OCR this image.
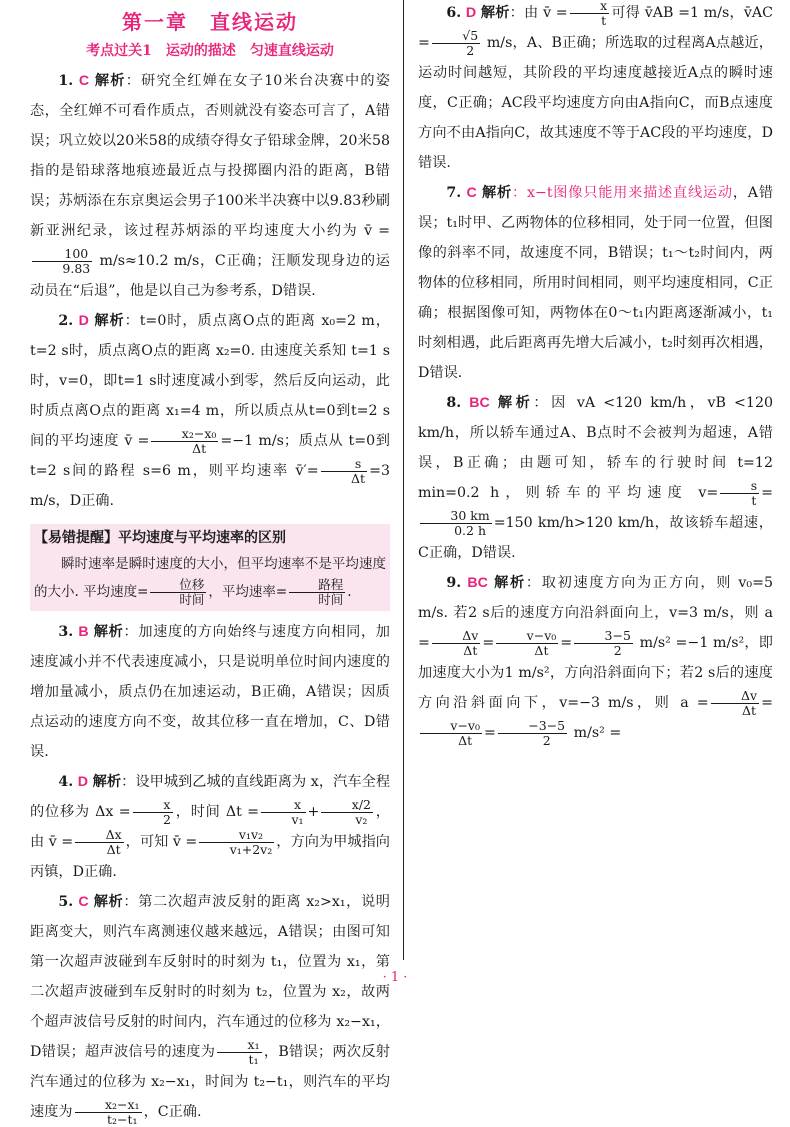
第一章　直线运动
考点过关1　运动的描述　匀速直线运动

1. C 解析：研究全红婵在女子10米台决赛中的姿态，全红婵不可看作质点，否则就没有姿态可言了，A错误；巩立姣以20米58的成绩夺得女子铅球金牌，20米58指的是铅球落地痕迹最近点与投掷圈内沿的距离，B错误；苏炳添在东京奥运会男子100米半决赛中以9.83秒刷新亚洲纪录，该过程苏炳添的平均速度大小约为 v̄ =
$\frac{100}{9.83} m/s\approx 10.2$ m/s，C正确；汪顺发现身边的运动员在“后退”，他是以自己为参考系，D错误.

2. D 解析：t=0时，质点离O点的距离 x₀=2 m，t=2 s时，质点离O点的距离 x₂=0. 由速度关系知 t=1 s时，v=0，即t=1 s时速度减小到零，然后反向运动，此时质点离O点的距离 x₁=4 m，所以质点从t=0到t=2 s间的平均速度 v̄ = $\frac{\text{x₂−x₀}}{\Delta t} =-1$ m/s；质点从 t=0到t=2 s间的路程 s=6 m，则平均速率 v̄′= $\frac{s}{\Delta t} =3$ m/s，D正确.

【易错提醒】平均速度与平均速率的区别

瞬时速率是瞬时速度的大小，但平均速率不是平均速度的大小. 平均速度= $\frac{\text{位移}}{\text{时间}}$ ，平均速率= $\frac{\text{路程}}{\text{时间}}$ .

3. B 解析：加速度的方向始终与速度方向相同，加速度减小并不代表速度减小，只是说明单位时间内速度的增加量减小，质点仍在加速运动，B正确，A错误；因质点运动的速度方向不变，故其位移一直在增加，C、D错误.

4. D 解析：设甲城到乙城的直线距离为 x，汽车全程的位移为 $\Delta x = \frac{x}{2}$ ，时间 $\Delta t = \frac{x}{\text{v₁}} + \frac{x/2}{\text{v₂}}$ ，由 v̄ = $\frac{\Delta x}{\Delta t}$ ，可知 v̄ = $\frac{\text{v₁v₂}}{\text{v₁+2v₂}}$ ，方向为甲城指向丙镇，D正确.

5. C 解析：第二次超声波反射的距离 x₂>x₁，说明距离变大，则汽车离测速仪越来越远，A错误；由图可知第一次超声波碰到车反射时的时刻为 t₁，位置为 x₁，第二次超声波碰到车反射时的时刻为 t₂，位置为 x₂，故两个超声波信号反射的时间内，汽车通过的位移为 x₂−x₁，D错误；超声波信号的速度为 $\frac{\text{x₁}}{\text{t₁}}$ ，B错误；两次反射汽车通过的位移为 x₂−x₁，时间为 t₂−t₁，则汽车的平均速度为 $\frac{\text{x₂−x₁}}{\text{t₂−t₁}}$ ，C正确.

6. D 解析：由 v̄ = $\frac{x}{t}$ 可得 v̄AB =1 m/s，v̄AC = $\frac{√5}{2} m/s$，A、B正确；所选取的过程离A点越近，运动时间越短，其阶段的平均速度越接近A点的瞬时速度，C正确；AC段平均速度方向由A指向C，而B点速度方向不由A指向C，故其速度不等于AC段的平均速度，D错误.

7. C 解析：x−t图像只能用来描述直线运动，A错误；t₁时甲、乙两物体的位移相同，处于同一位置，但图像的斜率不同，故速度不同，B错误；t₁～t₂时间内，两物体的位移相同，所用时间相同，则平均速度相同，C正确；根据图像可知，两物体在0～t₁内距离逐渐减小，t₁时刻相遇，此后距离再先增大后减小，t₂时刻再次相遇，D错误.

8. BC 解析：因 vA <120 km/h，vB <120 km/h，所以轿车通过A、B点时不会被判为超速，A错误，B正确；由题可知，轿车的行驶时间 t=12 min=0.2 h，则轿车的平均速度 $v= \frac{s}{t}$ =
$\frac{30 km}{0.2 h} =150$ km/h>120 km/h，故该轿车超速，C正确，D错误.

9. BC 解析：取初速度方向为正方向，则 v₀=5 m/s. 若2 s后的速度方向沿斜面向上，v=3 m/s，则 $a = \frac{\Delta v}{\Delta t} = \frac{\text{v−v₀}}{\Delta t} = \frac{3-5}{2} m/s^2 =-1$ m/s²，即加速度大小为1 m/s²，方向沿斜面向下；若2 s后的速度方向沿斜面向下，v=−3 m/s，则 $a = \frac{\Delta v}{\Delta t}$ =
$\frac{\text{v−v₀}}{\Delta t} = \frac{-3-5}{2} m/s^2$ =

· 1 ·
